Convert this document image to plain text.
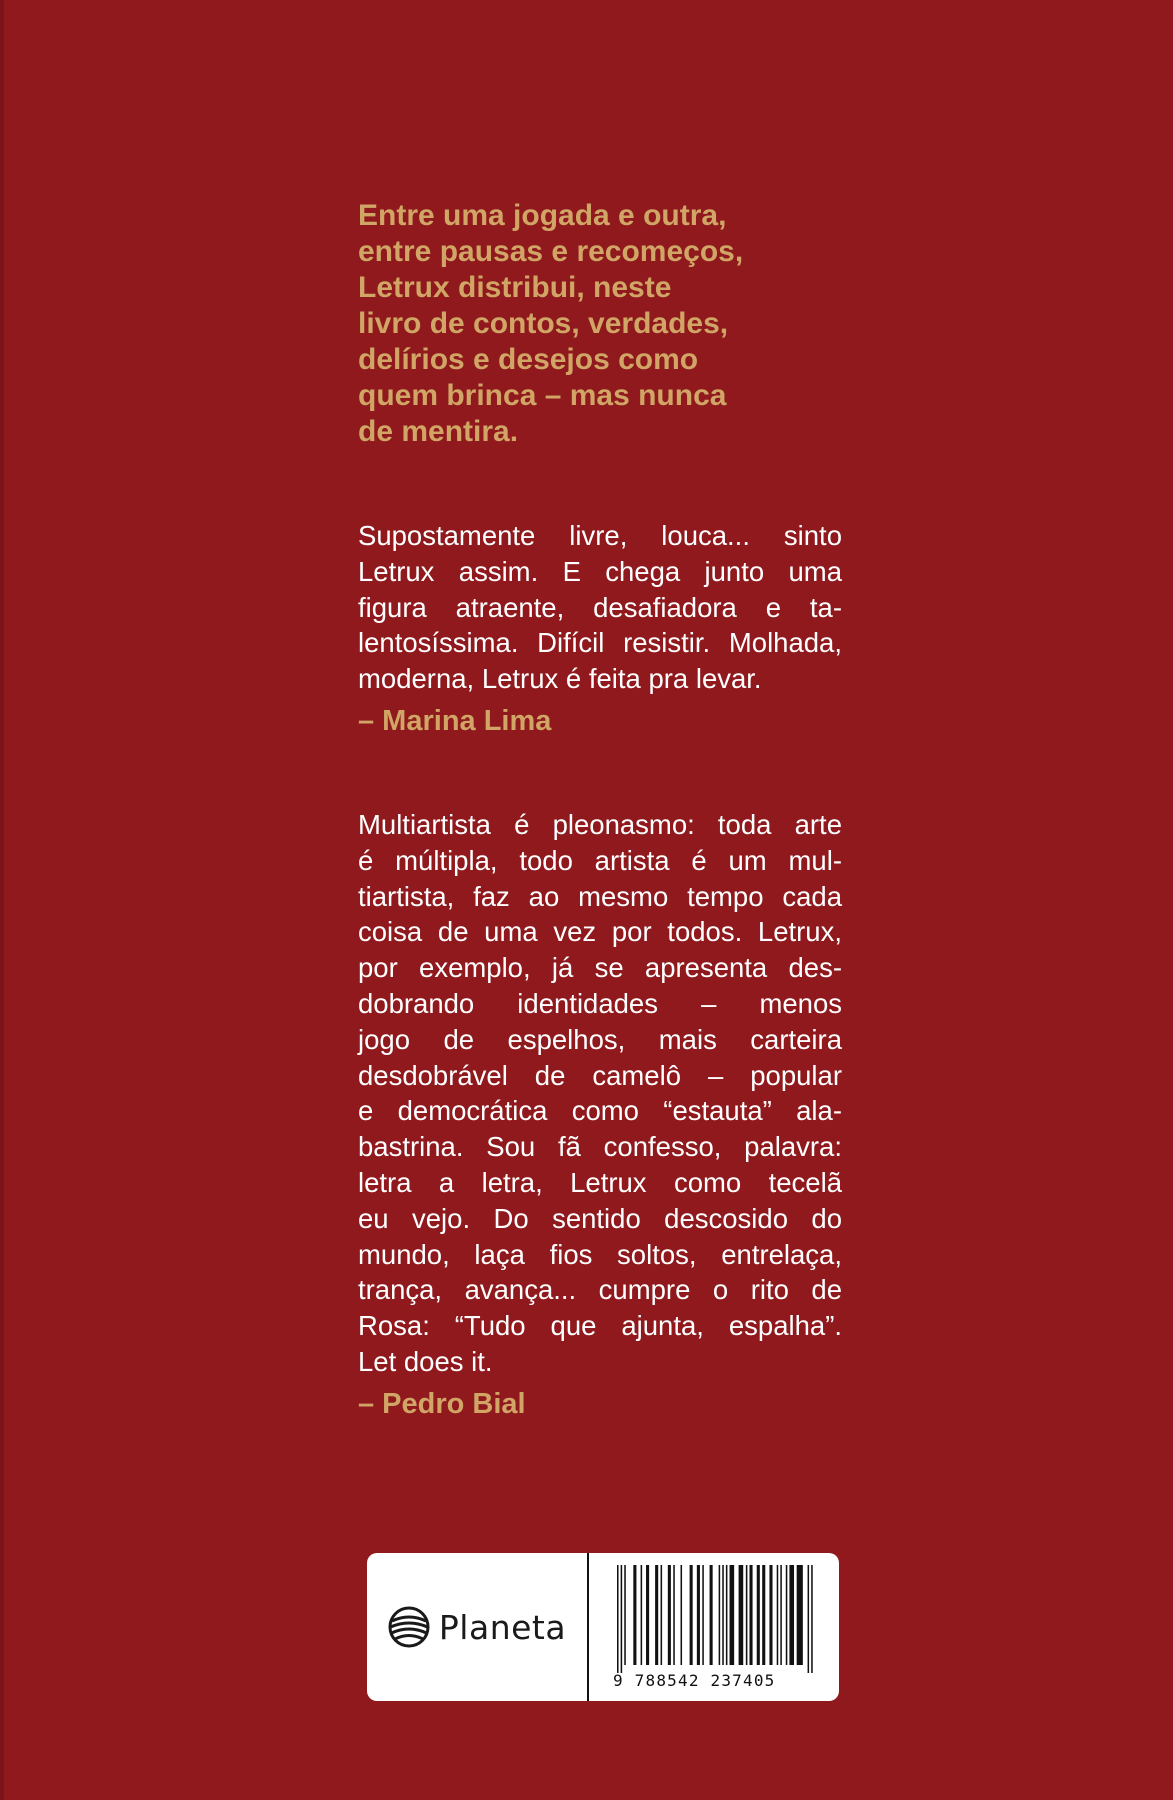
Entre uma jogada e outra,
entre pausas e recomeços,
Letrux distribui, neste
livro de contos, verdades,
delírios e desejos como
quem brinca – mas nunca
de mentira.

Supostamente livre, louca... sinto
Letrux assim. E chega junto uma
figura atraente, desafiadora e ta-
lentosíssima. Difícil resistir. Molhada,
moderna, Letrux é feita pra levar.

– Marina Lima

Multiartista é pleonasmo: toda arte
é múltipla, todo artista é um mul-
tiartista, faz ao mesmo tempo cada
coisa de uma vez por todos. Letrux,
por exemplo, já se apresenta des-
dobrando identidades – menos
jogo de espelhos, mais carteira
desdobrável de camelô – popular
e democrática como “estauta” ala-
bastrina. Sou fã confesso, palavra:
letra a letra, Letrux como tecelã
eu vejo. Do sentido descosido do
mundo, laça fios soltos, entrelaça,
trança, avança... cumpre o rito de
Rosa: “Tudo que ajunta, espalha”.
Let does it.

– Pedro Bial

Planeta
9 788542 237405
